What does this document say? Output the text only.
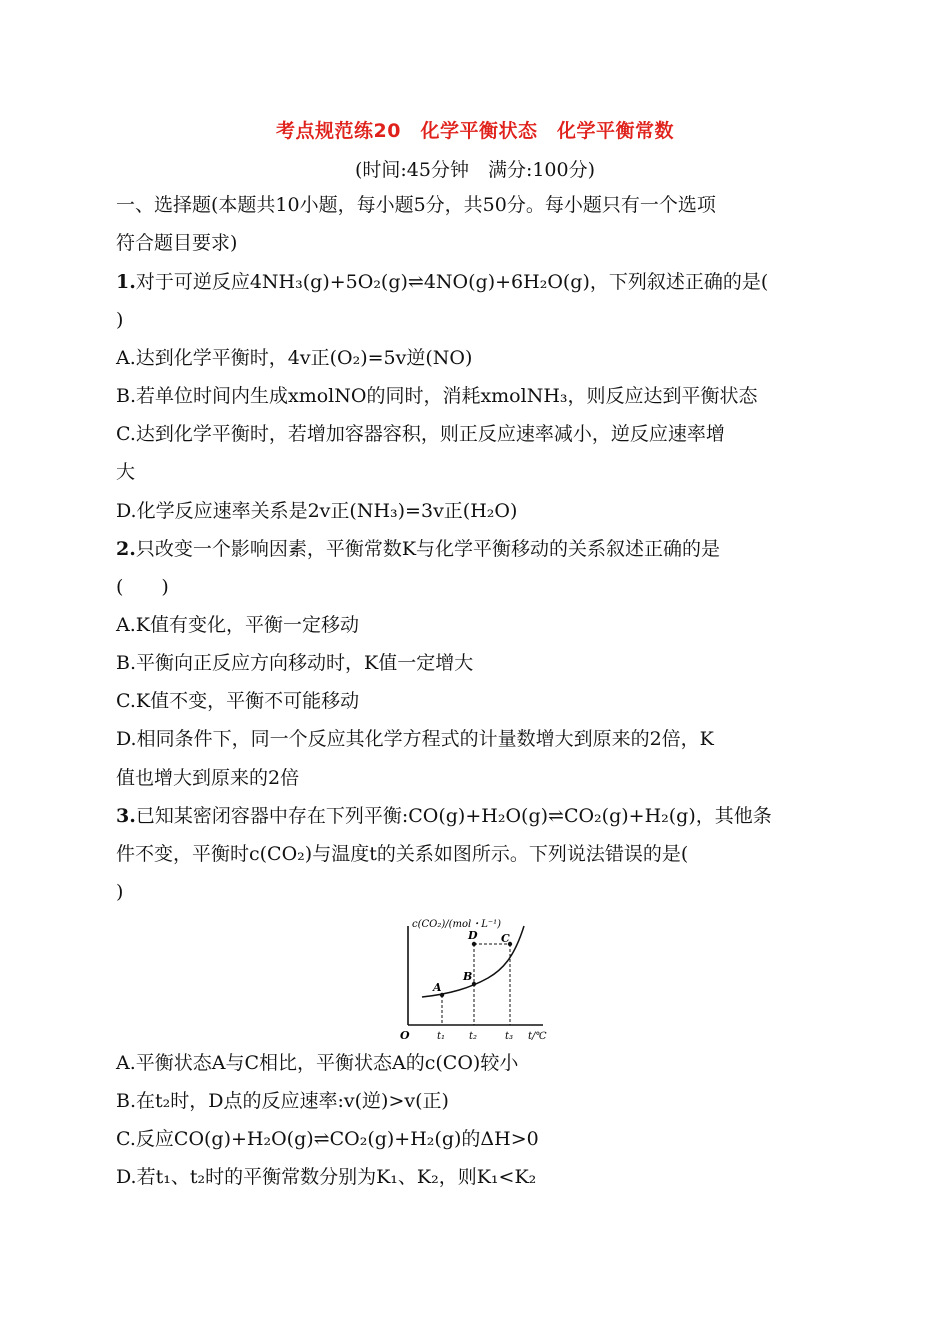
考点规范练20　化学平衡状态　化学平衡常数
(时间:45分钟　满分:100分)
一、选择题(本题共10小题，每小题5分，共50分。每小题只有一个选项
符合题目要求)
1.对于可逆反应4NH₃(g)+5O₂(g)⇌4NO(g)+6H₂O(g)，下列叙述正确的是(
)
A.达到化学平衡时，4v正(O₂)=5v逆(NO)
B.若单位时间内生成xmolNO的同时，消耗xmolNH₃，则反应达到平衡状态
C.达到化学平衡时，若增加容器容积，则正反应速率减小，逆反应速率增
大
D.化学反应速率关系是2v正(NH₃)=3v正(H₂O)
2.只改变一个影响因素，平衡常数K与化学平衡移动的关系叙述正确的是
(　　)
A.K值有变化，平衡一定移动
B.平衡向正反应方向移动时，K值一定增大
C.K值不变，平衡不可能移动
D.相同条件下，同一个反应其化学方程式的计量数增大到原来的2倍，K
值也增大到原来的2倍
3.已知某密闭容器中存在下列平衡:CO(g)+H₂O(g)⇌CO₂(g)+H₂(g)，其他条
件不变，平衡时c(CO₂)与温度t的关系如图所示。下列说法错误的是(
)
c(CO₂)/(mol・L⁻¹)
O	t₁ t₂	t₃ t/℃
A
B
C
D
A.平衡状态A与C相比，平衡状态A的c(CO)较小
B.在t₂时，D点的反应速率:v(逆)>v(正)
C.反应CO(g)+H₂O(g)⇌CO₂(g)+H₂(g)的ΔH>0
D.若t₁、t₂时的平衡常数分别为K₁、K₂，则K₁<K₂
